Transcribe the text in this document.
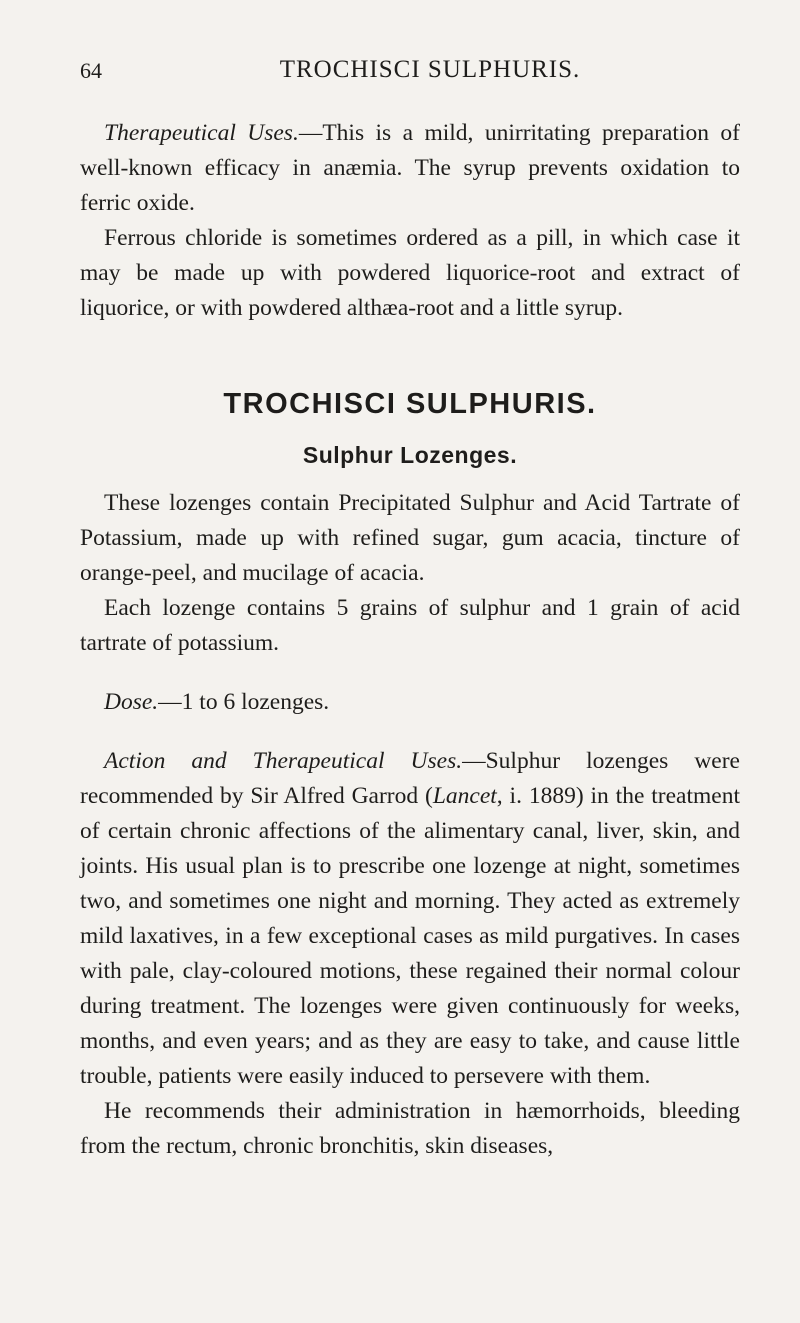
64	TROCHISCI SULPHURIS.

Therapeutical Uses.—This is a mild, unirritating preparation of well-known efficacy in anæmia. The syrup prevents oxidation to ferric oxide.

Ferrous chloride is sometimes ordered as a pill, in which case it may be made up with powdered liquorice-root and extract of liquorice, or with powdered althæa-root and a little syrup.

TROCHISCI SULPHURIS.
Sulphur Lozenges.

These lozenges contain Precipitated Sulphur and Acid Tartrate of Potassium, made up with refined sugar, gum acacia, tincture of orange-peel, and mucilage of acacia.

Each lozenge contains 5 grains of sulphur and 1 grain of acid tartrate of potassium.

Dose.—1 to 6 lozenges.

Action and Therapeutical Uses.—Sulphur lozenges were recommended by Sir Alfred Garrod (Lancet, i. 1889) in the treatment of certain chronic affections of the alimentary canal, liver, skin, and joints. His usual plan is to prescribe one lozenge at night, sometimes two, and sometimes one night and morning. They acted as extremely mild laxatives, in a few exceptional cases as mild purgatives. In cases with pale, clay-coloured motions, these regained their normal colour during treatment. The lozenges were given continuously for weeks, months, and even years; and as they are easy to take, and cause little trouble, patients were easily induced to persevere with them.

He recommends their administration in hæmorrhoids, bleeding from the rectum, chronic bronchitis, skin diseases,
